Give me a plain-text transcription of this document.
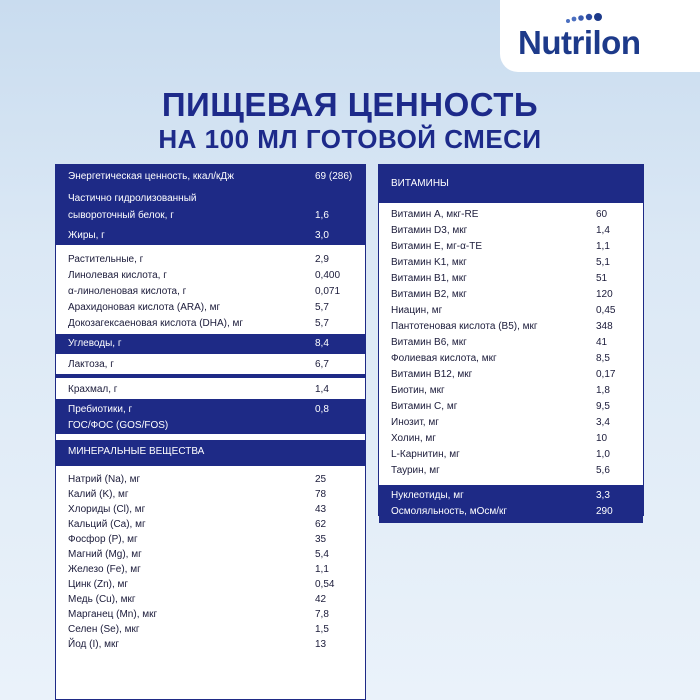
Nutrilon
ПИЩЕВАЯ ЦЕННОСТЬ
НА 100 МЛ ГОТОВОЙ СМЕСИ
Энергетическая ценность, ккал/кДж	69 (286)
Частично гидролизованный
сывороточный белок, г	1,6
Жиры, г	3,0
Растительные, г	2,9
Линолевая кислота, г	0,400
α-линоленовая кислота, г	0,071
Арахидоновая кислота (ARA), мг	5,7
Докозагексаеновая кислота (DHA), мг	5,7
Углеводы, г	8,4
Лактоза, г	6,7
Крахмал, г	1,4
Пребиотики, г	0,8
ГОС/ФОС (GOS/FOS)
МИНЕРАЛЬНЫЕ ВЕЩЕСТВА
Натрий (Na), мг	25
Калий (K), мг	78
Хлориды (Cl), мг	43
Кальций (Ca), мг	62
Фосфор (P), мг	35
Магний (Mg), мг	5,4
Железо (Fe), мг	1,1
Цинк (Zn), мг	0,54
Медь (Cu), мкг	42
Марганец (Mn), мкг	7,8
Селен (Se), мкг	1,5
Йод (I), мкг	13
ВИТАМИНЫ
Витамин A, мкг-RE	60
Витамин D3, мкг	1,4
Витамин E, мг-α-TE	1,1
Витамин K1, мкг	5,1
Витамин B1, мкг	51
Витамин B2, мкг	120
Ниацин, мг	0,45
Пантотеновая кислота (B5), мкг	348
Витамин B6, мкг	41
Фолиевая кислота, мкг	8,5
Витамин B12, мкг	0,17
Биотин, мкг	1,8
Витамин C, мг	9,5
Инозит, мг	3,4
Холин, мг	10
L-Карнитин, мг	1,0
Таурин, мг	5,6
Нуклеотиды, мг	3,3
Осмоляльность, мОсм/кг	290
